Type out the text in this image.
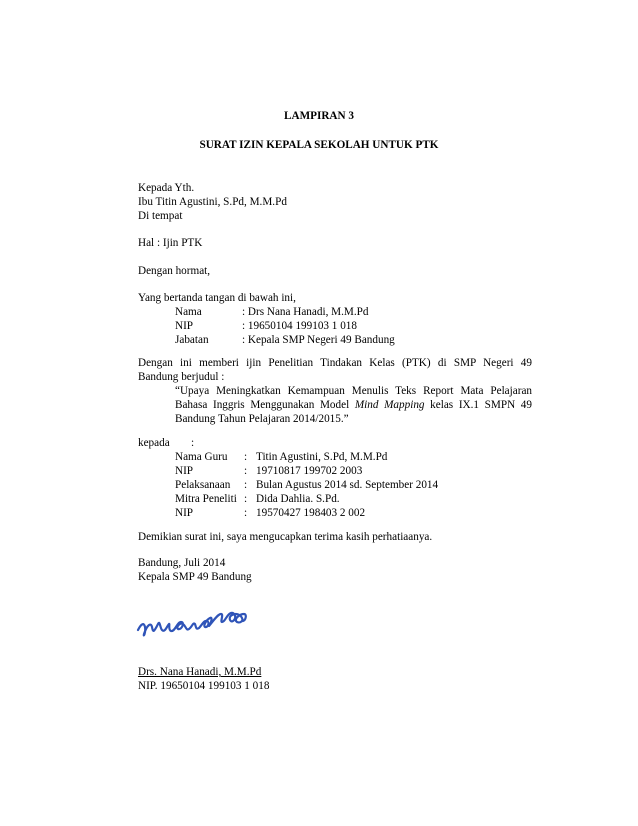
LAMPIRAN 3
SURAT IZIN KEPALA SEKOLAH UNTUK PTK
Kepada Yth.
Ibu Titin Agustini, S.Pd, M.M.Pd
Di tempat
Hal : Ijin PTK
Dengan hormat,
Yang bertanda tangan di bawah ini,
Nama	: Drs Nana Hanadi, M.M.Pd
NIP	: 19650104 199103 1 018
Jabatan	: Kepala SMP Negeri 49 Bandung
Dengan ini memberi ijin Penelitian Tindakan Kelas (PTK) di SMP Negeri 49
Bandung berjudul :
“Upaya Meningkatkan Kemampuan Menulis Teks Report Mata Pelajaran
Bahasa Inggris Menggunakan Model Mind Mapping kelas IX.1 SMPN 49
Bandung Tahun Pelajaran 2014/2015.”
kepada :
Nama Guru : Titin Agustini, S.Pd, M.M.Pd
NIP	: 19710817 199702 2003
Pelaksanaan : Bulan Agustus 2014 sd. September 2014
Mitra Peneliti : Dida Dahlia. S.Pd.
NIP	: 19570427 198403 2 002
Demikian surat ini, saya mengucapkan terima kasih perhatiaanya.
Bandung, Juli 2014
Kepala SMP 49 Bandung
Drs. Nana Hanadi, M.M.Pd
NIP. 19650104 199103 1 018
